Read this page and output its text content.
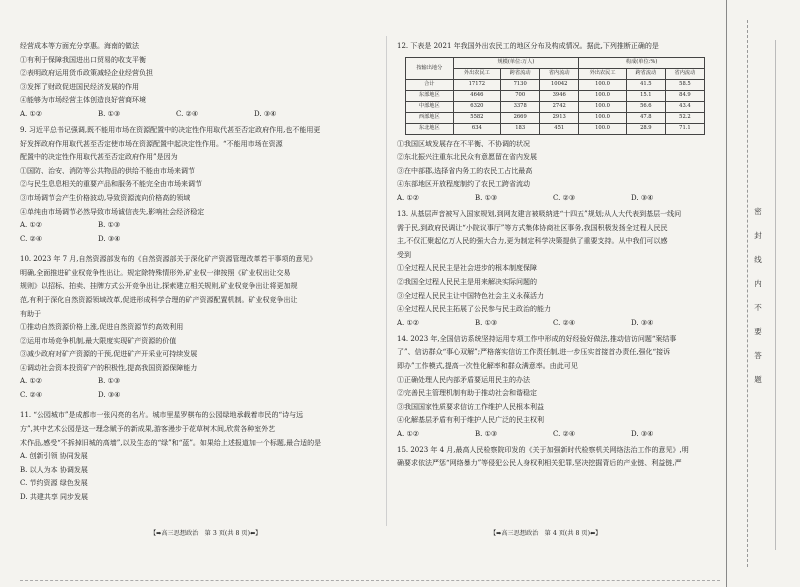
经营成本等方面充分享惠。海南的做法
①有利于保障我国进出口贸易的收支平衡
②表明政府运用货币政策减轻企业经营负担
③发挥了财政促进国民经济发展的作用
④能够为市场经营主体创造良好营商环境
A. ①②	B. ①③	C. ②④	D. ③④
9. 习近平总书记强调,既不能用市场在资源配置中的决定性作用取代甚至否定政府作用,也不能用更
好发挥政府作用取代甚至否定使市场在资源配置中起决定性作用。“不能用市场在资源
配置中的决定性作用取代甚至否定政府作用”是因为
①国防、治安、消防等公共物品的供给不能由市场来调节
②与民生息息相关的重要产品和服务不能完全由市场来调节
③市场调节会产生价格波动,导致资源流向价格高的领域
④单纯由市场调节必然导致市场诚信丧失,影响社会经济稳定
A. ①②	B. ①③
C. ②④	D. ③④
10. 2023 年 7 月,自然资源部发布的《自然资源部关于深化矿产资源管理改革若干事项的意见》
明确,全面推进矿业权竞争性出让。规定除特殊情形外,矿业权一律按照《矿业权出让交易
规则》以招标、拍卖、挂牌方式公开竞争出让,探索建立相关规则,矿业权竞争出让将更加规
范,有利于深化自然资源领域改革,促进形成科学合理的矿产资源配置机制。矿业权竞争出让
有助于
①推动自然资源价格上涨,促进自然资源节约高效利用
②运用市场竞争机制,最大限度实现矿产资源的价值
③减少政府对矿产资源的干预,促进矿产开采业可持续发展
④调动社会资本投资矿产的积极性,提高我国资源保障能力
A. ①②	B. ①③
C. ②④	D. ③④
11. “公园城市”是成都市一张闪亮的名片。城市里星罗棋布的公园绿地承载着市民的“诗与远
方”,其中艺术公园是这一理念赋予的新成果,游客漫步于花草树木间,欣赏各种室外艺
术作品,感受“不拆掉旧城的高墙”,以及生态的“绿”和“蓝”。如果给上述报道加一个标题,最合适的是
A. 创新引领 协同发展
B. 以人为本 协调发展
C. 节约资源 绿色发展
D. 共建共享 同步发展
12. 下表是 2021 年我国外出农民工的地区分布及构成情况。据此,下列推断正确的是
按输出地分	规模(单位:万人)			构成(单位:%)		
	外出农民工	跨省流动	省内流动	外出农民工	跨省流动	省内流动
合计	17172	7130	10042	100.0	41.5	58.5
东部地区	4646	700	3946	100.0	15.1	84.9
中部地区	6320	3378	2742	100.0	56.6	43.4
西部地区	5582	2669	2913	100.0	47.8	52.2
东北地区	634	183	451	100.0	28.9	71.1
①我国区域发展存在不平衡、不协调的状况
②东北振兴注重东北民众有意愿留在省内发展
③在中部郡,选择省内务工的农民工占比最高
④东部地区开放程度制约了农民工跨省流动
A. ①②	B. ①③	C. ②③	D. ③④
13. 从基层声音被写入国家规划,到网友建言被吸纳进“十四五”规划;从人大代表到基层一线问
需于民,到政府民调让“小院议事厅”等方式集体协商社区事务,我国积极发扬全过程人民民
主,不仅汇聚起亿万人民的强大合力,更为制定科学决策提供了重要支持。从中我们可以感
受到
①全过程人民民主是社会进步的根本制度保障
②我国全过程人民民主是用来解决实际问题的
③全过程人民民主让中国特色社会主义永葆活力
④全过程人民民主拓展了公民参与民主政治的能力
A. ①②	B. ①③	C. ②④	D. ③④
14. 2023 年,全国信访系统坚持运用专项工作中形成的好经验好做法,推动信访问题“案结事
了”、信访群众“事心双解”;严格落实信访工作责任制,进一步压实首接首办责任,强化“接诉
即办”工作模式,提高一次性化解率和群众满意率。由此可见
①正确处理人民内部矛盾要运用民主的办法
②完善民主管理机制有助于推动社会和谐稳定
③我国国家性质要求信访工作维护人民根本利益
④化解基层矛盾有利于维护人民广泛的民主权利
A. ①②	B. ①③	C. ②④	D. ③④
15. 2023 年 4 月,最高人民检察院印发的《关于加强新时代检察机关网络法治工作的意见》,明
确要求依法严惩“网络暴力”等侵犯公民人身权利相关犯罪,坚决挖掘背后的产业链、利益链,严
【➡高三思想政治　第 3 页(共 8 页)⬅】	【➡高三思想政治　第 4 页(共 8 页)⬅】
密
封
线
内
不
要
答
题
